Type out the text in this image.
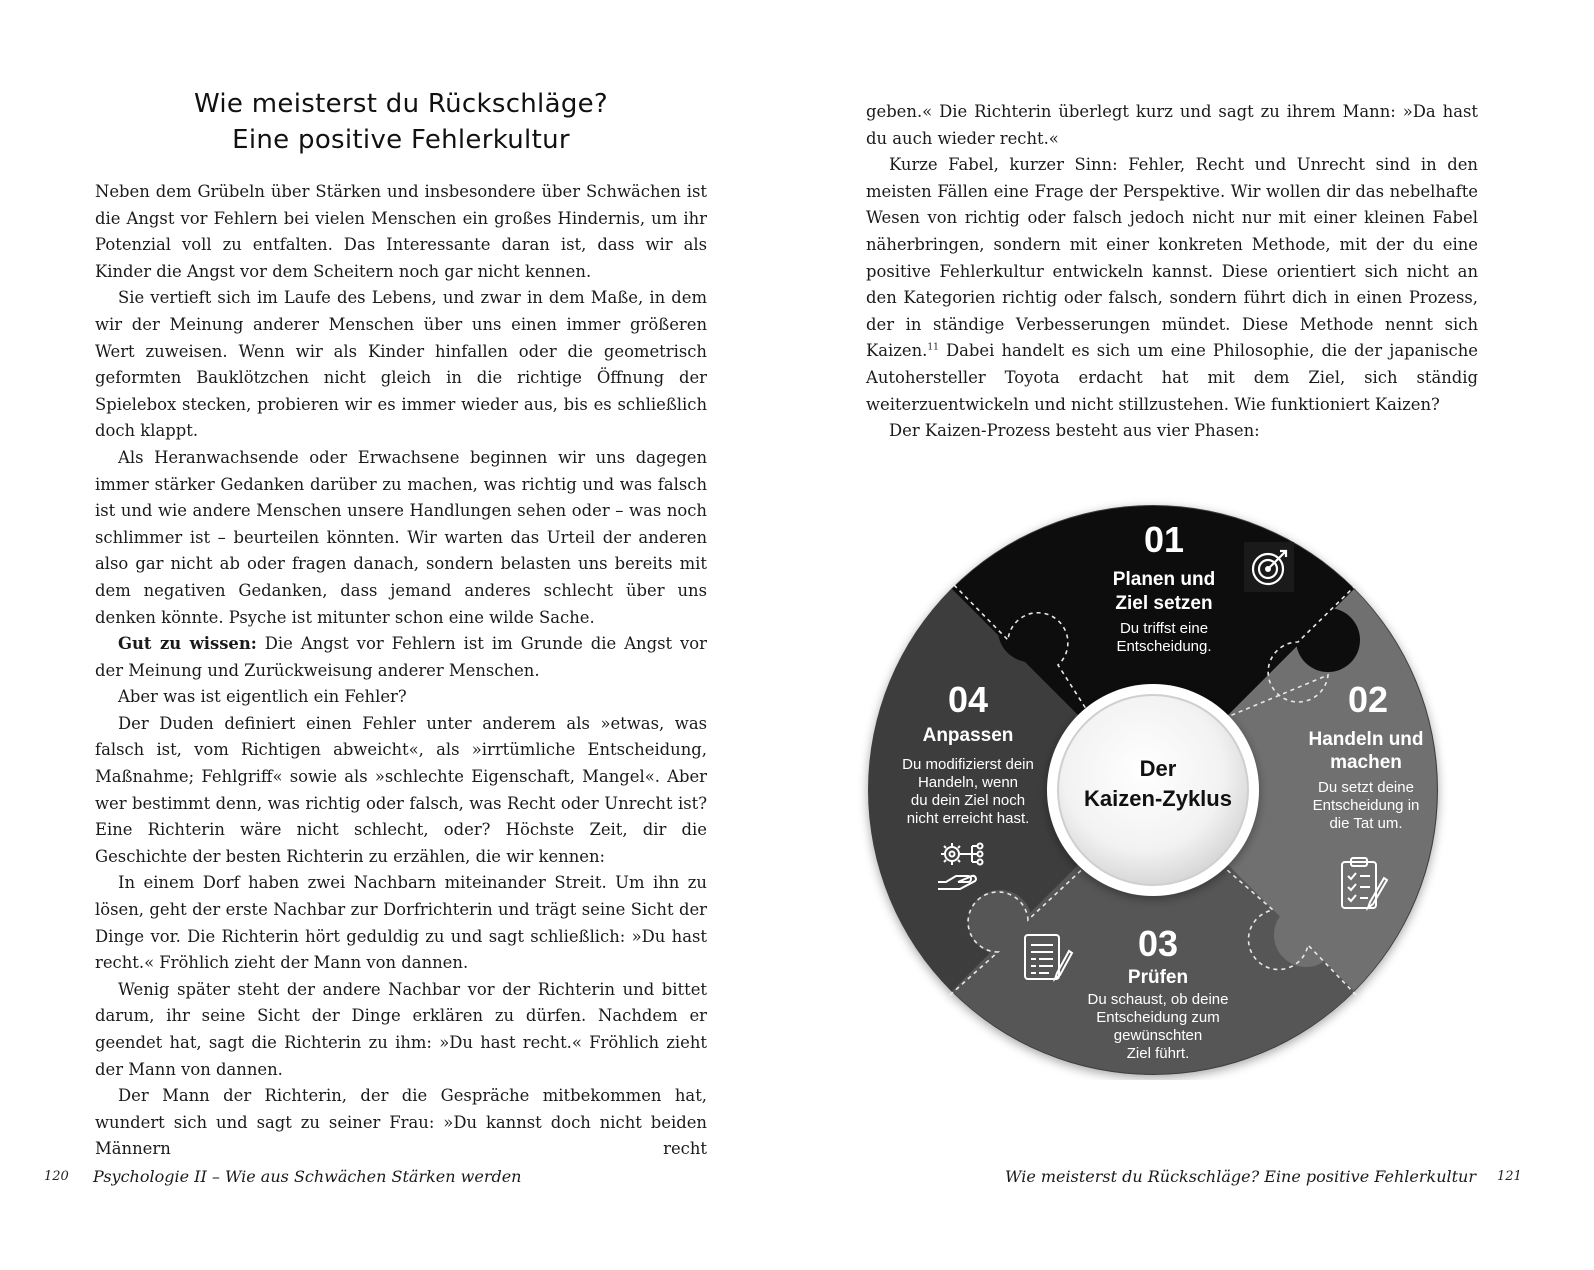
Wie meisterst du Rückschläge?
Eine positive Fehlerkultur

Neben dem Grübeln über Stärken und insbesondere über Schwächen ist die Angst vor Fehlern bei vielen Menschen ein großes Hindernis, um ihr Potenzial voll zu entfalten. Das Interessante daran ist, dass wir als Kinder die Angst vor dem Scheitern noch gar nicht kennen.

Sie vertieft sich im Laufe des Lebens, und zwar in dem Maße, in dem wir der Meinung anderer Menschen über uns einen immer größeren Wert zuweisen. Wenn wir als Kinder hinfallen oder die geometrisch geformten Bauklötzchen nicht gleich in die richtige Öffnung der Spielebox stecken, probieren wir es immer wieder aus, bis es schließlich doch klappt.

Als Heranwachsende oder Erwachsene beginnen wir uns dagegen immer stärker Gedanken darüber zu machen, was richtig und was falsch ist und wie andere Menschen unsere Handlungen sehen oder – was noch schlimmer ist – beurteilen könnten. Wir warten das Urteil der anderen also gar nicht ab oder fragen danach, sondern belasten uns bereits mit dem negativen Gedanken, dass jemand anderes schlecht über uns denken könnte. Psyche ist mitunter schon eine wilde Sache.

Gut zu wissen: Die Angst vor Fehlern ist im Grunde die Angst vor der Meinung und Zurückweisung anderer Menschen.

Aber was ist eigentlich ein Fehler?

Der Duden definiert einen Fehler unter anderem als »etwas, was falsch ist, vom Richtigen abweicht«, als »irrtümliche Entscheidung, Maßnahme; Fehlgriff« sowie als »schlechte Eigenschaft, Mangel«. Aber wer bestimmt denn, was richtig oder falsch, was Recht oder Unrecht ist? Eine Richterin wäre nicht schlecht, oder? Höchste Zeit, dir die Geschichte der besten Richterin zu erzählen, die wir kennen:

In einem Dorf haben zwei Nachbarn miteinander Streit. Um ihn zu lösen, geht der erste Nachbar zur Dorfrichterin und trägt seine Sicht der Dinge vor. Die Richterin hört geduldig zu und sagt schließlich: »Du hast recht.« Fröhlich zieht der Mann von dannen.

Wenig später steht der andere Nachbar vor der Richterin und bittet darum, ihr seine Sicht der Dinge erklären zu dürfen. Nachdem er geendet hat, sagt die Richterin zu ihm: »Du hast recht.« Fröhlich zieht der Mann von dannen.

Der Mann der Richterin, der die Gespräche mitbekommen hat, wundert sich und sagt zu seiner Frau: »Du kannst doch nicht beiden Männern recht

120 Psychologie II – Wie aus Schwächen Stärken werden

geben.« Die Richterin überlegt kurz und sagt zu ihrem Mann: »Da hast du auch wieder recht.«

Kurze Fabel, kurzer Sinn: Fehler, Recht und Unrecht sind in den meisten Fällen eine Frage der Perspektive. Wir wollen dir das nebelhafte Wesen von richtig oder falsch jedoch nicht nur mit einer kleinen Fabel näherbringen, sondern mit einer konkreten Methode, mit der du eine positive Fehlerkultur entwickeln kannst. Diese orientiert sich nicht an den Kategorien richtig oder falsch, sondern führt dich in einen Prozess, der in ständige Verbesserungen mündet. Diese Methode nennt sich Kaizen.$^{11}$ Dabei handelt es sich um eine Philosophie, die der japanische Autohersteller Toyota erdacht hat mit dem Ziel, sich ständig weiterzuentwickeln und nicht stillzustehen. Wie funktioniert Kaizen?

Der Kaizen-Prozess besteht aus vier Phasen:

Wie meisterst du Rückschläge? Eine positive Fehlerkultur 121
Der
Kaizen-Zyklus
01
Planen und
Ziel setzen
Du triffst eine
Entscheidung.
02
Handeln und
machen
Du setzt deine
Entscheidung in
die Tat um.
03
Prüfen
Du schaust, ob deine
Entscheidung zum
gewünschten
Ziel führt.
04
Anpassen
Du modifizierst dein
Handeln, wenn
du dein Ziel noch
nicht erreicht hast.
